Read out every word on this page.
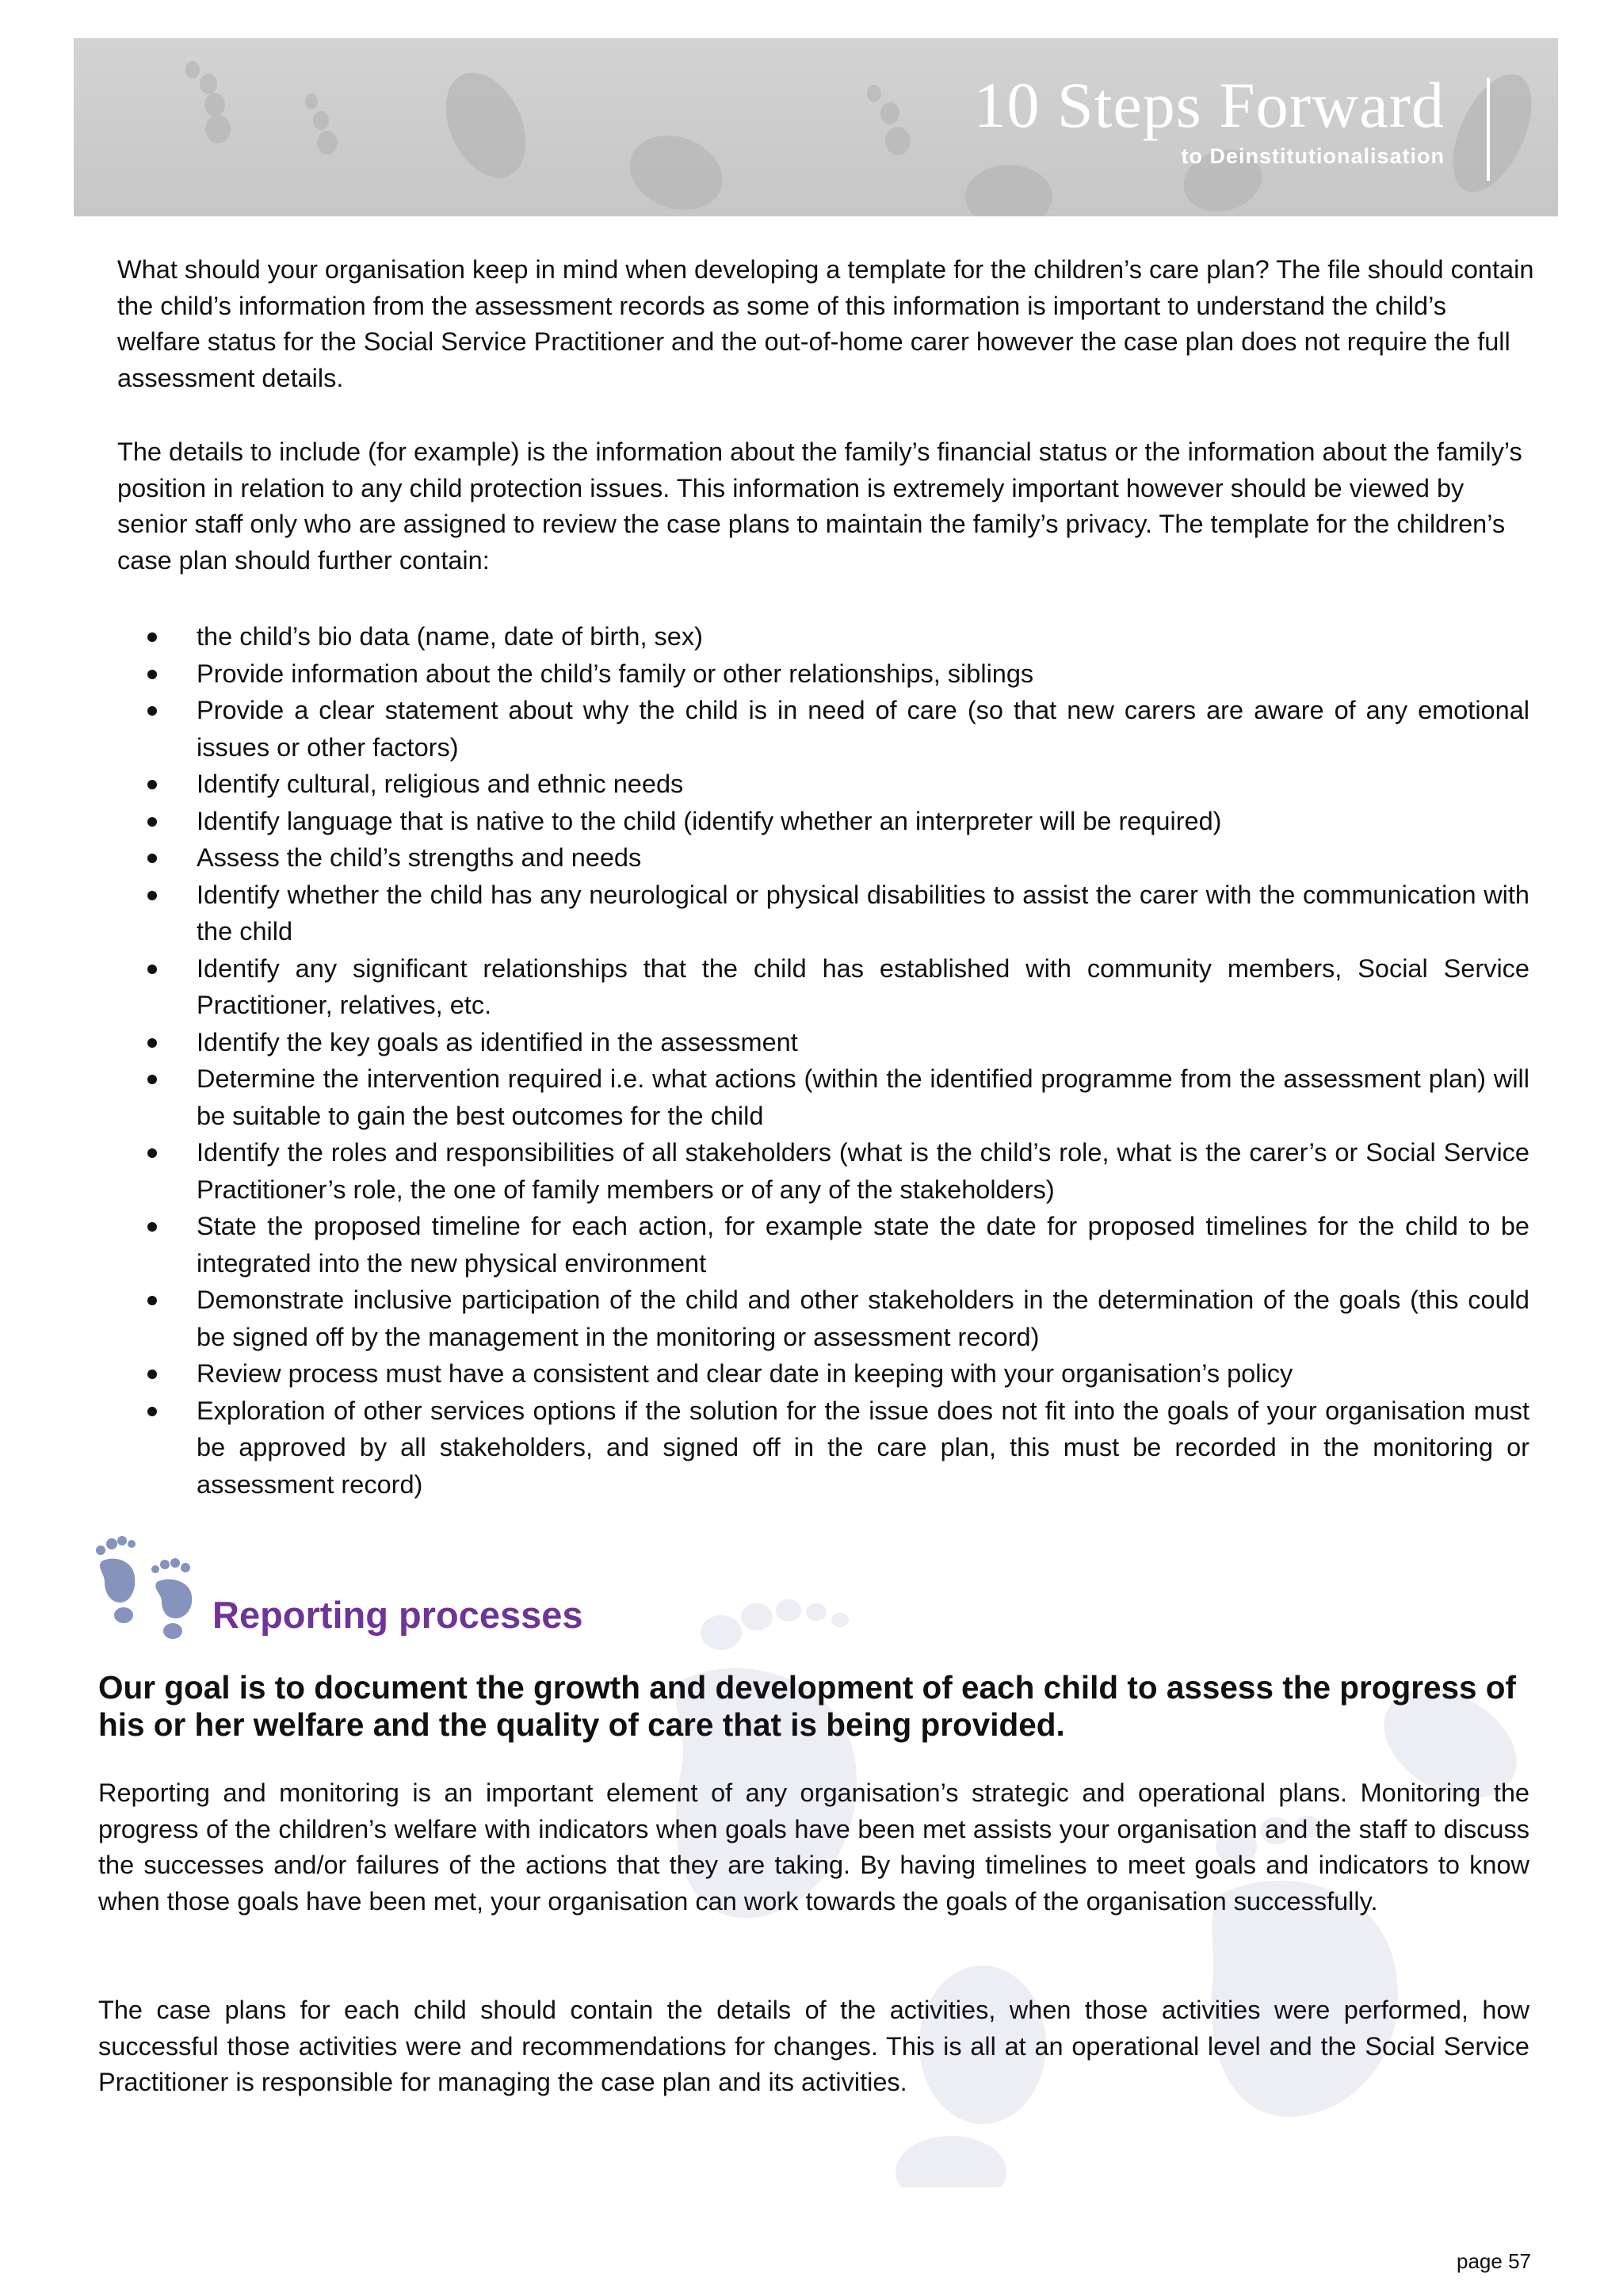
10 Steps Forward
to Deinstitutionalisation

What should your organisation keep in mind when developing a template for the children’s care plan? The file should contain the child’s information from the assessment records as some of this information is important to understand the child’s welfare status for the Social Service Practitioner and the out-of-home carer however the case plan does not require the full assessment details.

The details to include (for example) is the information about the family’s financial status or the information about the family’s position in relation to any child protection issues. This information is extremely important however should be viewed by senior staff only who are assigned to review the case plans to maintain the family’s privacy. The template for the children’s case plan should further contain:

the child’s bio data (name, date of birth, sex)
Provide information about the child’s family or other relationships, siblings
Provide a clear statement about why the child is in need of care (so that new carers are aware of any emotional issues or other factors)
Identify cultural, religious and ethnic needs
Identify language that is native to the child (identify whether an interpreter will be required)
Assess the child’s strengths and needs
Identify whether the child has any neurological or physical disabilities to assist the carer with the communication with the child
Identify any significant relationships that the child has established with community members, Social Service Practitioner, relatives, etc.
Identify the key goals as identified in the assessment
Determine the intervention required i.e. what actions (within the identified programme from the assessment plan) will be suitable to gain the best outcomes for the child
Identify the roles and responsibilities of all stakeholders (what is the child’s role, what is the carer’s or Social Service Practitioner’s role, the one of family members or of any of the stakeholders)
State the proposed timeline for each action, for example state the date for proposed timelines for the child to be integrated into the new physical environment
Demonstrate inclusive participation of the child and other stakeholders in the determination of the goals (this could be signed off by the management in the monitoring or assessment record)
Review process must have a consistent and clear date in keeping with your organisation’s policy
Exploration of other services options if the solution for the issue does not fit into the goals of your organisation must be approved by all stakeholders, and signed off in the care plan, this must be recorded in the monitoring or assessment record)
Reporting processes

Our goal is to document the growth and development of each child to assess the progress of his or her welfare and the quality of care that is being provided.

Reporting and monitoring is an important element of any organisation’s strategic and operational plans. Monitoring the progress of the children’s welfare with indicators when goals have been met assists your organisation and the staff to discuss the successes and/or failures of the actions that they are taking. By having timelines to meet goals and indicators to know when those goals have been met, your organisation can work towards the goals of the organisation successfully.

The case plans for each child should contain the details of the activities, when those activities were performed, how successful those activities were and recommendations for changes. This is all at an operational level and the Social Service Practitioner is responsible for managing the case plan and its activities.

page 57
